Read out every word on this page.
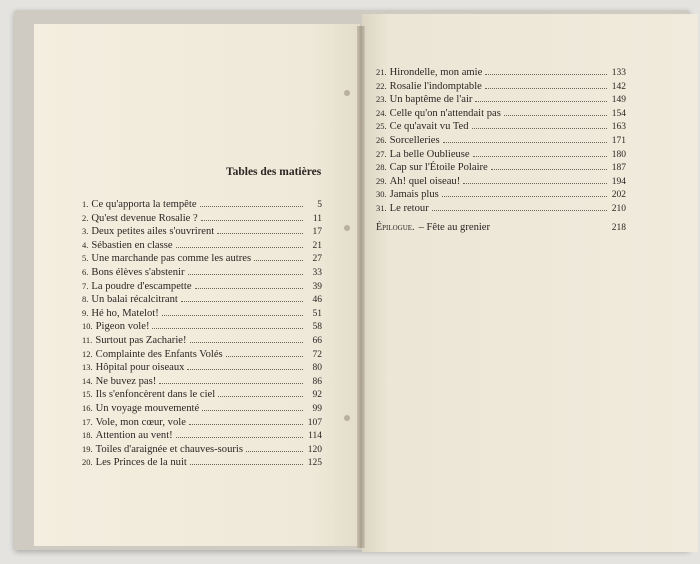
Tables des matières
1. Ce qu'apporta la tempête	5
2. Qu'est devenue Rosalie ?	11
3. Deux petites ailes s'ouvrirent	17
4. Sébastien en classe	21
5. Une marchande pas comme les autres	27
6. Bons élèves s'abstenir	33
7. La poudre d'escampette	39
8. Un balai récalcitrant	46
9. Hé ho, Matelot!	51
10. Pigeon vole!	58
11. Surtout pas Zacharie!	66
12. Complainte des Enfants Volés	72
13. Hôpital pour oiseaux	80
14. Ne buvez pas!	86
15. Ils s'enfoncèrent dans le ciel	92
16. Un voyage mouvementé	99
17. Vole, mon cœur, vole	107
18. Attention au vent!	114
19. Toiles d'araignée et chauves-souris	120
20. Les Princes de la nuit	125
21. Hirondelle, mon amie	133
22. Rosalie l'indomptable	142
23. Un baptême de l'air	149
24. Celle qu'on n'attendait pas	154
25. Ce qu'avait vu Ted	163
26. Sorcelleries	171
27. La belle Oublieuse	180
28. Cap sur l'Étoile Polaire	187
29. Ah! quel oiseau!	194
30. Jamais plus	202
31. Le retour	210
Épilogue. – Fête au grenier	218
